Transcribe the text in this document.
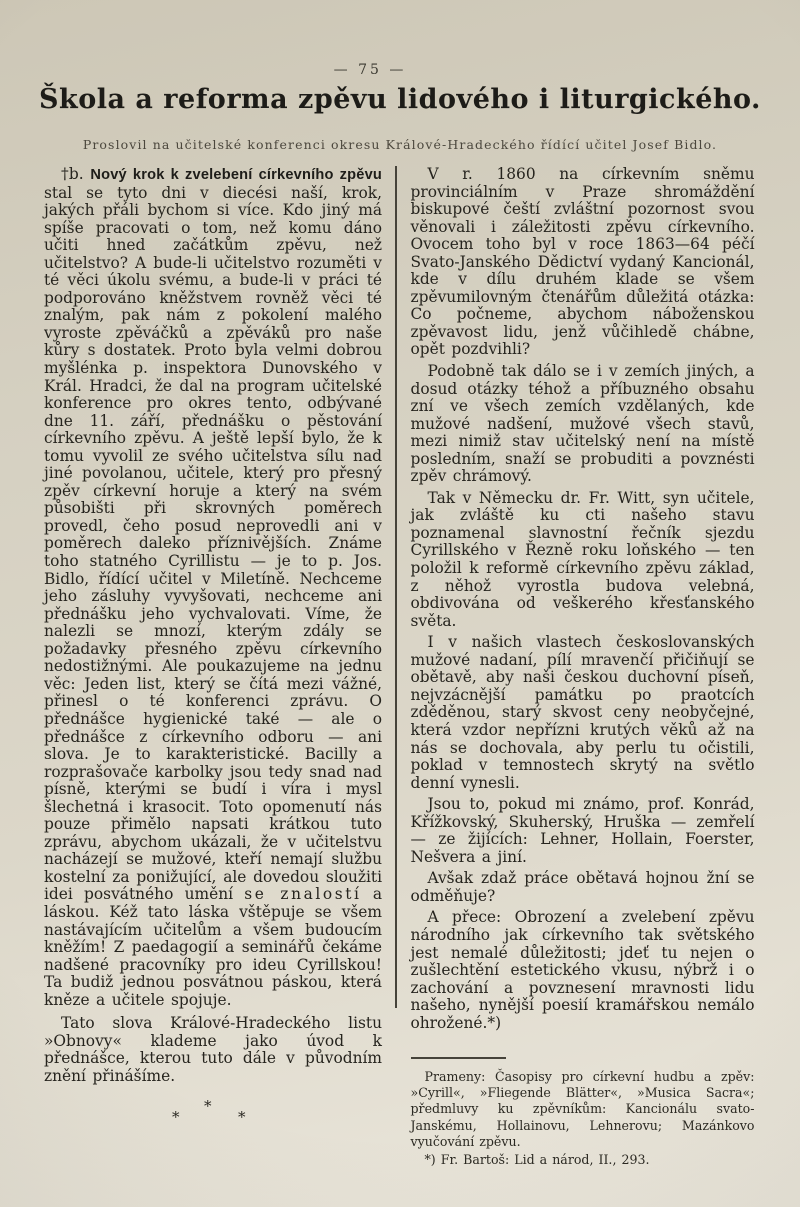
— 75 —
Škola a reforma zpěvu lidového i liturgického.
Proslovil na učitelské konferenci okresu Králové-Hradeckého řídící učitel Josef Bidlo.

†b. Nový krok k zvelebení církevního zpěvu stal se tyto dni v diecési naší, krok, jakých přáli bychom si více. Kdo jiný má spíše pracovati o tom, než komu dáno učiti hned začátkům zpěvu, než učitelstvo? A bude-li učitelstvo rozuměti v té věci úkolu svému, a bude-li v práci té podporováno kněžstvem rovněž věci té znalým, pak nám z pokolení malého vyroste zpěváčků a zpěváků pro naše kůry s dostatek. Proto byla velmi dobrou myšlénka p. inspektora Dunovského v Král. Hradci, že dal na program učitelské konference pro okres tento, odbývané dne 11. září, přednášku o pěstování církevního zpěvu. A ještě lepší bylo, že k tomu vyvolil ze svého učitelstva sílu nad jiné povolanou, učitele, který pro přesný zpěv církevní horuje a který na svém působišti při skrovných poměrech provedl, čeho posud neprovedli ani v poměrech daleko příznivějších. Známe toho statného Cyrillistu — je to p. Jos. Bidlo, řídící učitel v Miletíně. Nechceme jeho zásluhy vyvyšovati, nechceme ani přednášku jeho vychvalovati. Víme, že nalezli se mnozí, kterým zdály se požadavky přesného zpěvu církevního nedostižnými. Ale poukazujeme na jednu věc: Jeden list, který se čítá mezi vážné, přinesl o té konferenci zprávu. O přednášce hygienické také — ale o přednášce z církevního odboru — ani slova. Je to karakteristické. Bacilly a rozprašovače karbolky jsou tedy snad nad písně, kterými se budí i víra i mysl šlechetná i krasocit. Toto opomenutí nás pouze přimělo napsati krátkou tuto zprávu, abychom ukázali, že v učitelstvu nacházejí se mužové, kteří nemají službu kostelní za ponižující, ale dovedou sloužiti idei posvátného umění se znalostí a láskou. Kéž tato láska vštěpuje se všem nastávajícím učitelům a všem budoucím kněžím! Z paedagogií a seminářů čekáme nadšené pracovníky pro ideu Cyrillskou! Ta budiž jednou posvátnou páskou, která kněze a učitele spojuje.

Tato slova Králové-Hradeckého listu »Obnovy« klademe jako úvod k přednášce, kterou tuto dále v původním znění přinášíme.

*
*	*

V r. 1860 na církevním sněmu provinciálním v Praze shromáždění biskupové čeští zvláštní pozornost svou věnovali i záležitosti zpěvu církevního. Ovocem toho byl v roce 1863—64 péčí Svato-Janského Dědictví vydaný Kancionál, kde v dílu druhém klade se všem zpěvumilovným čtenářům důležitá otázka: Co počneme, abychom náboženskou zpěvavost lidu, jenž vůčihledě chábne, opět pozdvihli?

Podobně tak dálo se i v zemích jiných, a dosud otázky téhož a příbuzného obsahu zní ve všech zemích vzdělaných, kde mužové nadšení, mužové všech stavů, mezi nimiž stav učitelský není na místě posledním, snaží se probuditi a povznésti zpěv chrámový.

Tak v Německu dr. Fr. Witt, syn učitele, jak zvláště ku cti našeho stavu poznamenal slavnostní řečník sjezdu Cyrillského v Řezně roku loňského — ten položil k reformě církevního zpěvu základ, z něhož vyrostla budova velebná, obdivována od veškerého křesťanského světa.

I v našich vlastech českoslovanských mužové nadaní, pílí mravenčí přičiňují se obětavě, aby naši českou duchovní píseň, nejvzácnější památku po praotcích zděděnou, starý skvost ceny neobyčejné, která vzdor nepřízni krutých věků až na nás se dochovala, aby perlu tu očistili, poklad v temnostech skrytý na světlo denní vynesli.

Jsou to, pokud mi známo, prof. Konrád, Křížkovský, Skuherský, Hruška — zemřelí — ze žijících: Lehner, Hollain, Foerster, Nešvera a jiní.

Avšak zdaž práce obětavá hojnou žní se odměňuje?

A přece: Obrození a zvelebení zpěvu národního jak církevního tak světského jest nemalé důležitosti; jdeť tu nejen o zušlechtění estetického vkusu, nýbrž i o zachování a povznesení mravnosti lidu našeho, nynější poesií kramářskou nemálo ohrožené.*)

Prameny: Časopisy pro církevní hudbu a zpěv: »Cyrill«, »Fliegende Blätter«, »Musica Sacra«; předmluvy ku zpěvníkům: Kancionálu svato-Janskému, Hollainovu, Lehnerovu; Mazánkovo vyučování zpěvu.

*) Fr. Bartoš: Lid a národ, II., 293.
